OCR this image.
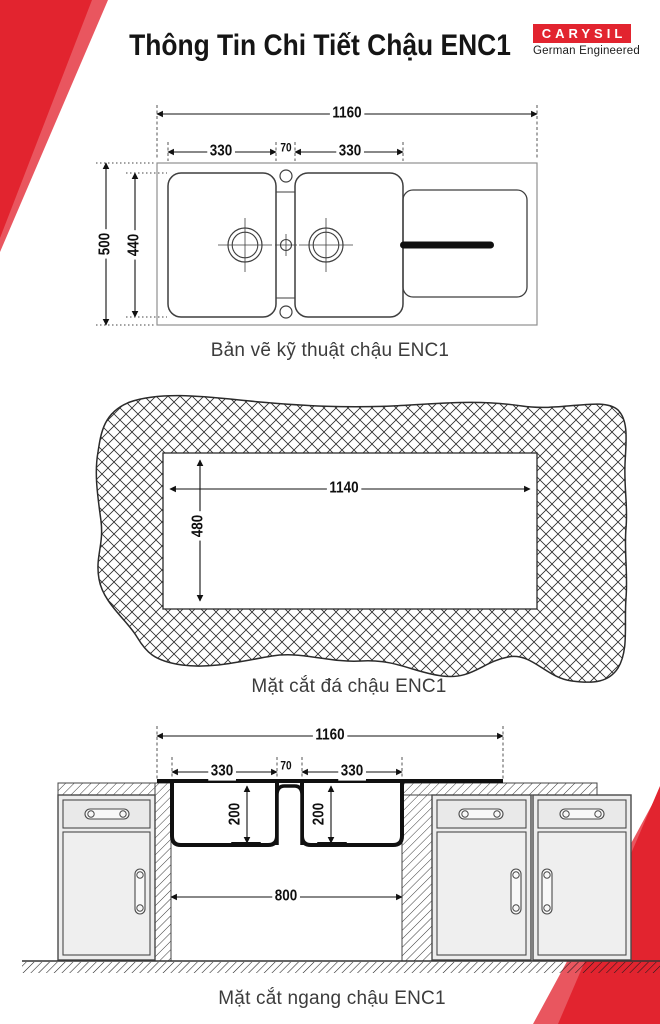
Thông Tin Chi Tiết Chậu ENC1	CARYSIL
German Engineered
1160
330	70	330
500 440
Bản vẽ kỹ thuật chậu ENC1
1140
480
Mặt cắt đá chậu ENC1
1160
330	70	330
200	200
800
Mặt cắt ngang chậu ENC1
